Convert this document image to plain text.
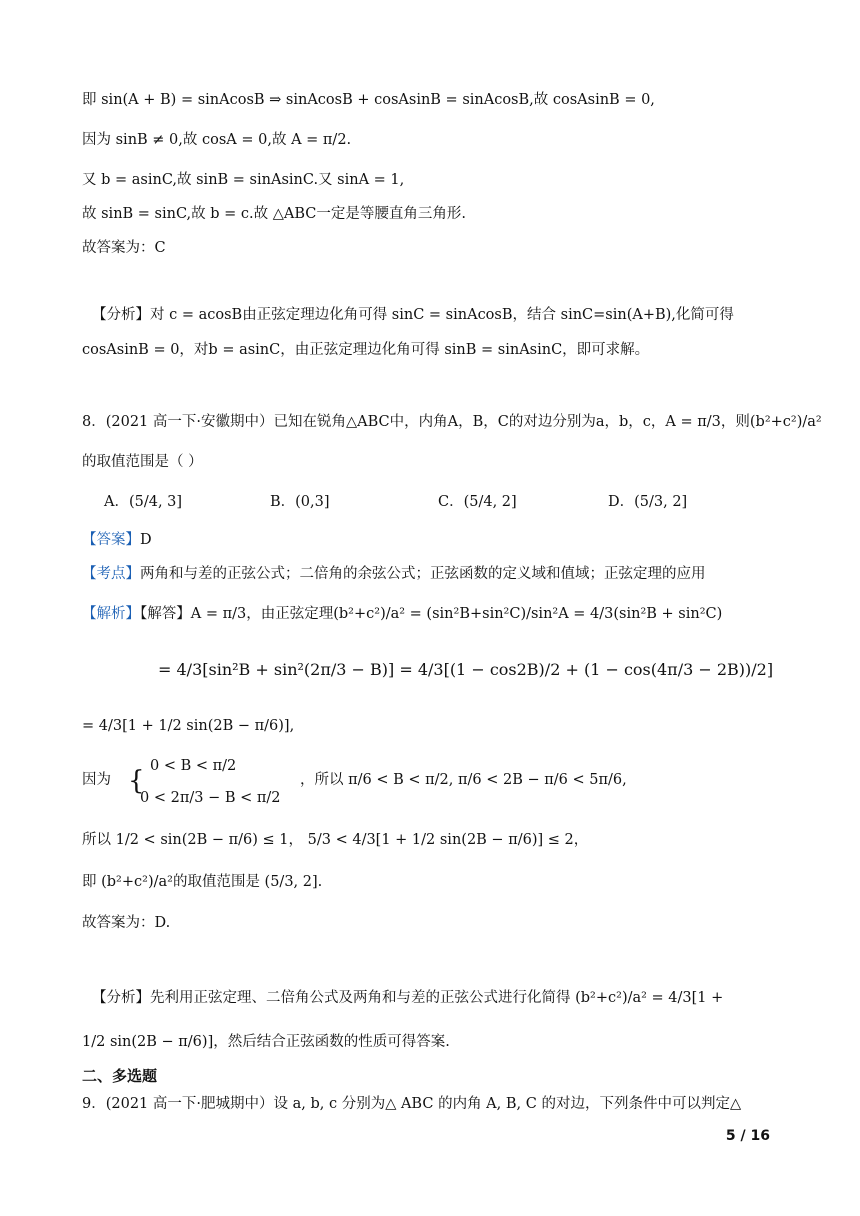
即 sin(A + B) = sinAcosB ⇒ sinAcosB + cosAsinB = sinAcosB,故 cosAsinB = 0,
因为 sinB ≠ 0,故 cosA = 0,故 A = π/2.
又 b = asinC,故 sinB = sinAsinC.又 sinA = 1,
故 sinB = sinC,故 b = c.故 △ABC一定是等腰直角三角形.
故答案为：C
【分析】对 c = acosB由正弦定理边化角可得 sinC = sinAcosB，结合 sinC=sin(A+B),化简可得
cosAsinB = 0，对b = asinC，由正弦定理边化角可得 sinB = sinAsinC，即可求解。
8．(2021 高一下·安徽期中）已知在锐角△ABC中，内角A，B，C的对边分别为a，b，c，A = π/3，则(b²+c²)/a²
的取值范围是（ ）
A．(5/4, 3]	B．(0,3]	C．(5/4, 2]	D．(5/3, 2]
【答案】D
【考点】两角和与差的正弦公式；二倍角的余弦公式；正弦函数的定义域和值域；正弦定理的应用
【解析】【解答】A = π/3，由正弦定理(b²+c²)/a² = (sin²B+sin²C)/sin²A = 4/3(sin²B + sin²C)
= 4/3[sin²B + sin²(2π/3 − B)] = 4/3[(1 − cos2B)/2 + (1 − cos(4π/3 − 2B))/2]
= 4/3[1 + 1/2 sin(2B − π/6)],
因为 { 0 < B < π/2
0 < 2π/3 − B < π/2
，所以 π/6 < B < π/2, π/6 < 2B − π/6 < 5π/6,
所以 1/2 < sin(2B − π/6) ≤ 1， 5/3 < 4/3[1 + 1/2 sin(2B − π/6)] ≤ 2，
即 (b²+c²)/a²的取值范围是 (5/3, 2].
故答案为：D.
【分析】先利用正弦定理、二倍角公式及两角和与差的正弦公式进行化简得 (b²+c²)/a² = 4/3[1 +
1/2 sin(2B − π/6)]，然后结合正弦函数的性质可得答案.
二、多选题
9．(2021 高一下·肥城期中）设 a, b, c 分别为△ ABC 的内角 A, B, C 的对边，下列条件中可以判定△
5 / 16
